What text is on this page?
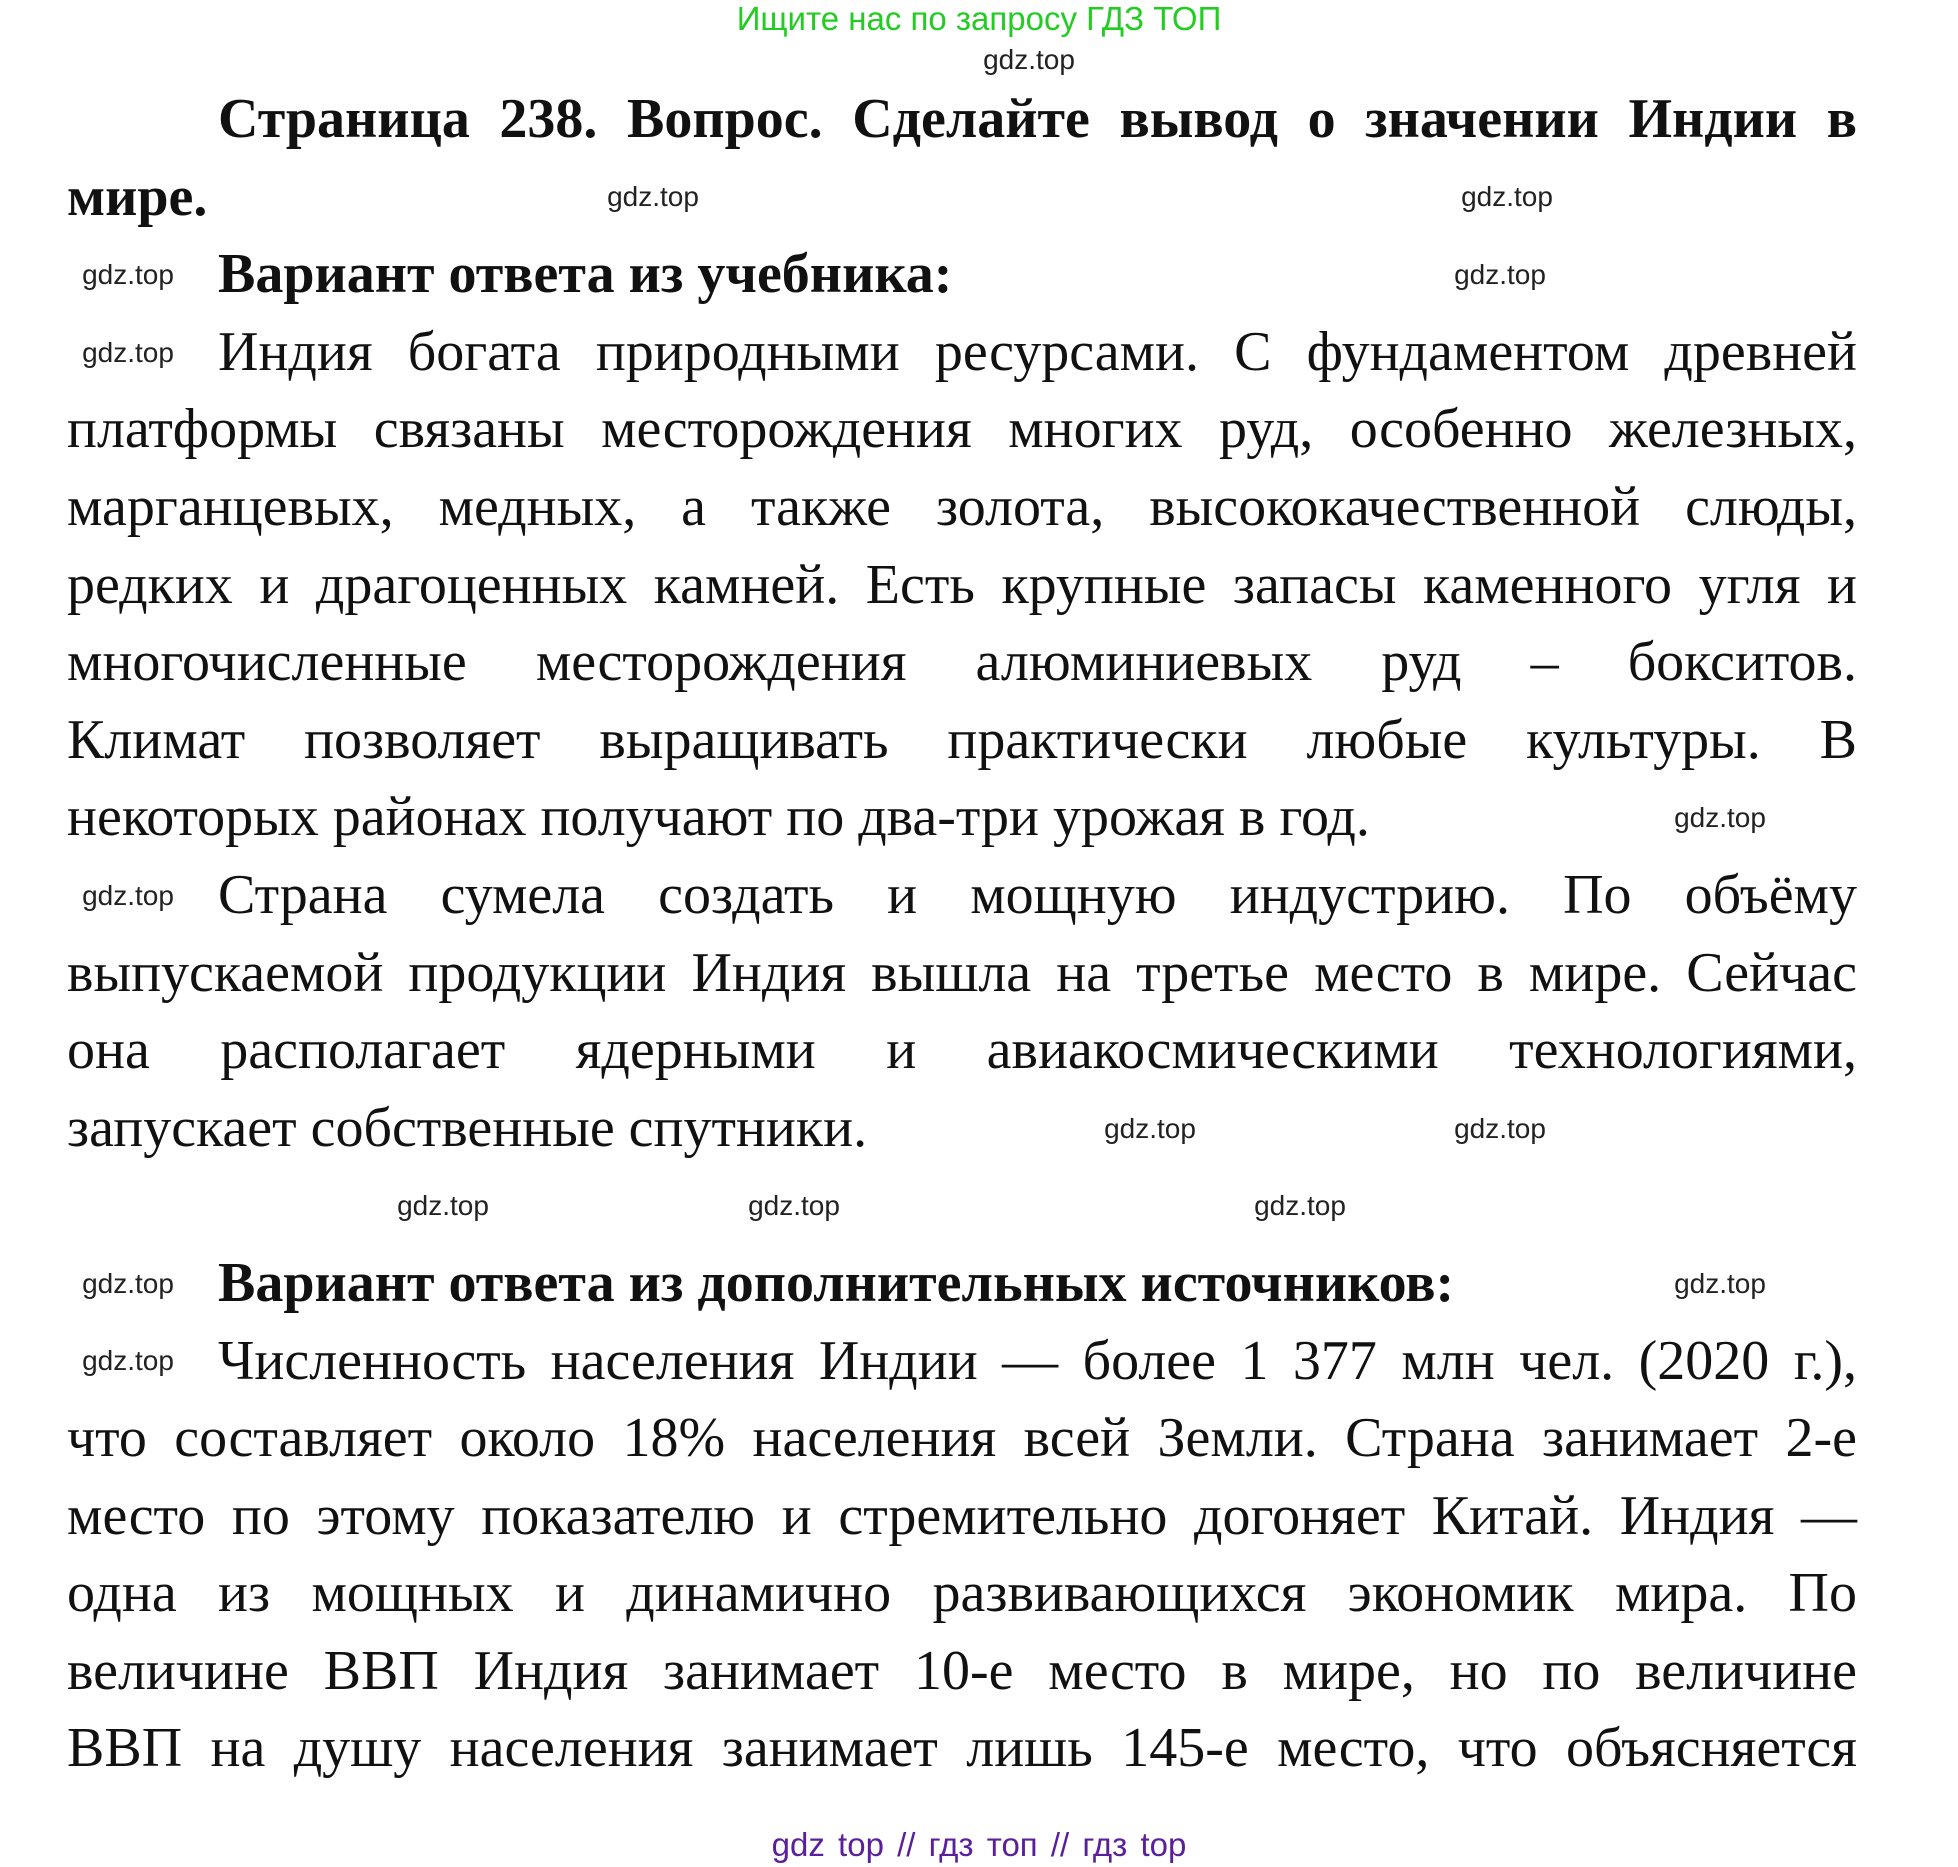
Ищите нас по запросу ГДЗ ТОП
Страница 238. Вопрос. Сделайте вывод о значении Индии в
мире.
Вариант ответа из учебника:
Индия богата природными ресурсами. С фундаментом древней
платформы связаны месторождения многих руд, особенно железных,
марганцевых, медных, а также золота, высококачественной слюды,
редких и драгоценных камней. Есть крупные запасы каменного угля и
многочисленные месторождения алюминиевых руд – бокситов.
Климат позволяет выращивать практически любые культуры. В
некоторых районах получают по два-три урожая в год.
Страна сумела создать и мощную индустрию. По объёму
выпускаемой продукции Индия вышла на третье место в мире. Сейчас
она располагает ядерными и авиакосмическими технологиями,
запускает собственные спутники.
Вариант ответа из дополнительных источников:
Численность населения Индии — более 1 377 млн чел. (2020 г.),
что составляет около 18% населения всей Земли. Страна занимает 2-е
место по этому показателю и стремительно догоняет Китай. Индия —
одна из мощных и динамично развивающихся экономик мира. По
величине ВВП Индия занимает 10-е место в мире, но по величине
ВВП на душу населения занимает лишь 145-е место, что объясняется
gdz.top
gdz.top
gdz.top
gdz.top	gdz.top
gdz.top
gdz.top
gdz.top
gdz.top	gdz.top
gdz.top	gdz.top	gdz.top
gdz.top	gdz.top
gdz.top
gdz top // гдз топ // гдз top
